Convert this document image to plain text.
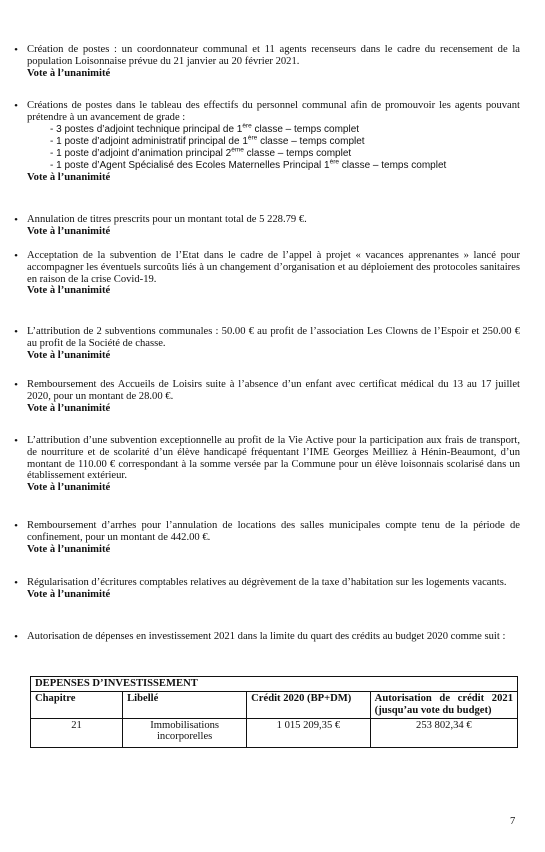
• Création de postes : un coordonnateur communal et 11 agents recenseurs dans le cadre du recensement de la population Loisonnaise prévue du 21 janvier au 20 février 2021.
Vote à l’unanimité
• Créations de postes dans le tableau des effectifs du personnel communal afin de promouvoir les agents pouvant prétendre à un avancement de grade :
- 3 postes d’adjoint technique principal de 1ère classe – temps complet
- 1 poste d’adjoint administratif principal de 1ère classe – temps complet
- 1 poste d’adjoint d’animation principal 2ème classe – temps complet
- 1 poste d’Agent Spécialisé des Ecoles Maternelles Principal 1ère classe – temps complet
Vote à l’unanimité
• Annulation de titres prescrits pour un montant total de 5 228.79 €.
Vote à l’unanimité
• Acceptation de la subvention de l’Etat dans le cadre de l’appel à projet « vacances apprenantes » lancé pour accompagner les éventuels surcoûts liés à un changement d’organisation et au déploiement des protocoles sanitaires en raison de la crise Covid-19.
Vote à l’unanimité
• L’attribution de 2 subventions communales : 50.00 € au profit de l’association Les Clowns de l’Espoir et 250.00 € au profit de la Société de chasse.
Vote à l’unanimité
• Remboursement des Accueils de Loisirs suite à l’absence d’un enfant avec certificat médical du 13 au 17 juillet 2020, pour un montant de 28.00 €.
Vote à l’unanimité
• L’attribution d’une subvention exceptionnelle au profit de la Vie Active pour la participation aux frais de transport, de nourriture et de scolarité d’un élève handicapé fréquentant l’IME Georges Meilliez à Hénin-Beaumont, d’un montant de 110.00 € correspondant à la somme versée par la Commune pour un élève loisonnais scolarisé dans un établissement extérieur.
Vote à l’unanimité
• Remboursement d’arrhes pour l’annulation de locations des salles municipales compte tenu de la période de confinement, pour un montant de 442.00 €.
Vote à l’unanimité
• Régularisation d’écritures comptables relatives au dégrèvement de la taxe d’habitation sur les logements vacants.
Vote à l’unanimité
• Autorisation de dépenses en investissement 2021 dans la limite du quart des crédits au budget 2020 comme suit :
DEPENSES D’INVESTISSEMENT			
Chapitre	Libellé	Crédit 2020 (BP+DM)	Autorisation de crédit 2021 (jusqu’au vote du budget)
21	Immobilisations incorporelles	1 015 209,35 €	253 802,34 €
7
